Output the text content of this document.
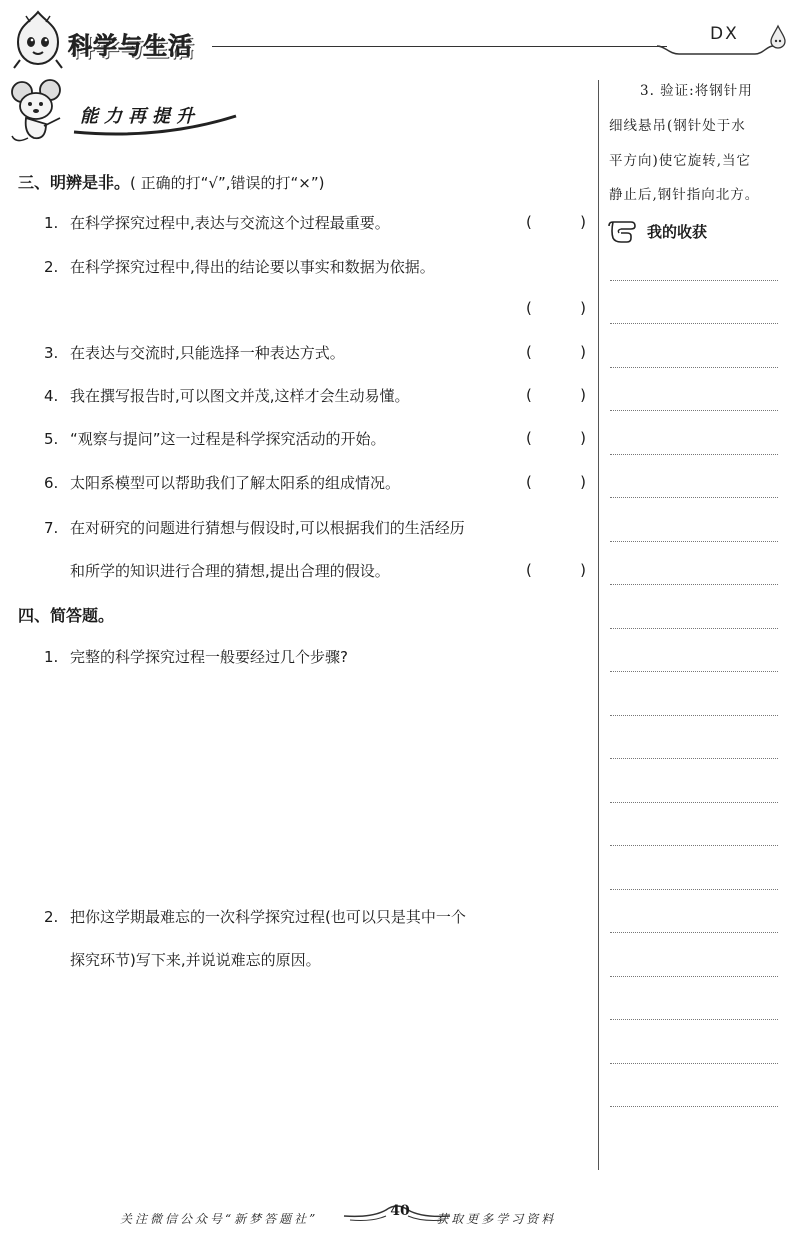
科学与生活	DX
能力再提升
三、明辨是非。( 正确的打“√”,错误的打“×”)
1. 在科学探究过程中,表达与交流这个过程最重要。	(	)
2. 在科学探究过程中,得出的结论要以事实和数据为依据。
(	)
3. 在表达与交流时,只能选择一种表达方式。	(	)
4. 我在撰写报告时,可以图文并茂,这样才会生动易懂。	(	)
5. “观察与提问”这一过程是科学探究活动的开始。	(	)
6. 太阳系模型可以帮助我们了解太阳系的组成情况。	(	)
7. 在对研究的问题进行猜想与假设时,可以根据我们的生活经历
和所学的知识进行合理的猜想,提出合理的假设。	(	)
四、简答题。
1. 完整的科学探究过程一般要经过几个步骤?
2. 把你这学期最难忘的一次科学探究过程(也可以只是其中一个
探究环节)写下来,并说说难忘的原因。
3. 验证:将钢针用
细线悬吊(钢针处于水
平方向)使它旋转,当它
静止后,钢针指向北方。
我的收获
关注微信公众号“新梦答题社”	获取更多学习资料
40
